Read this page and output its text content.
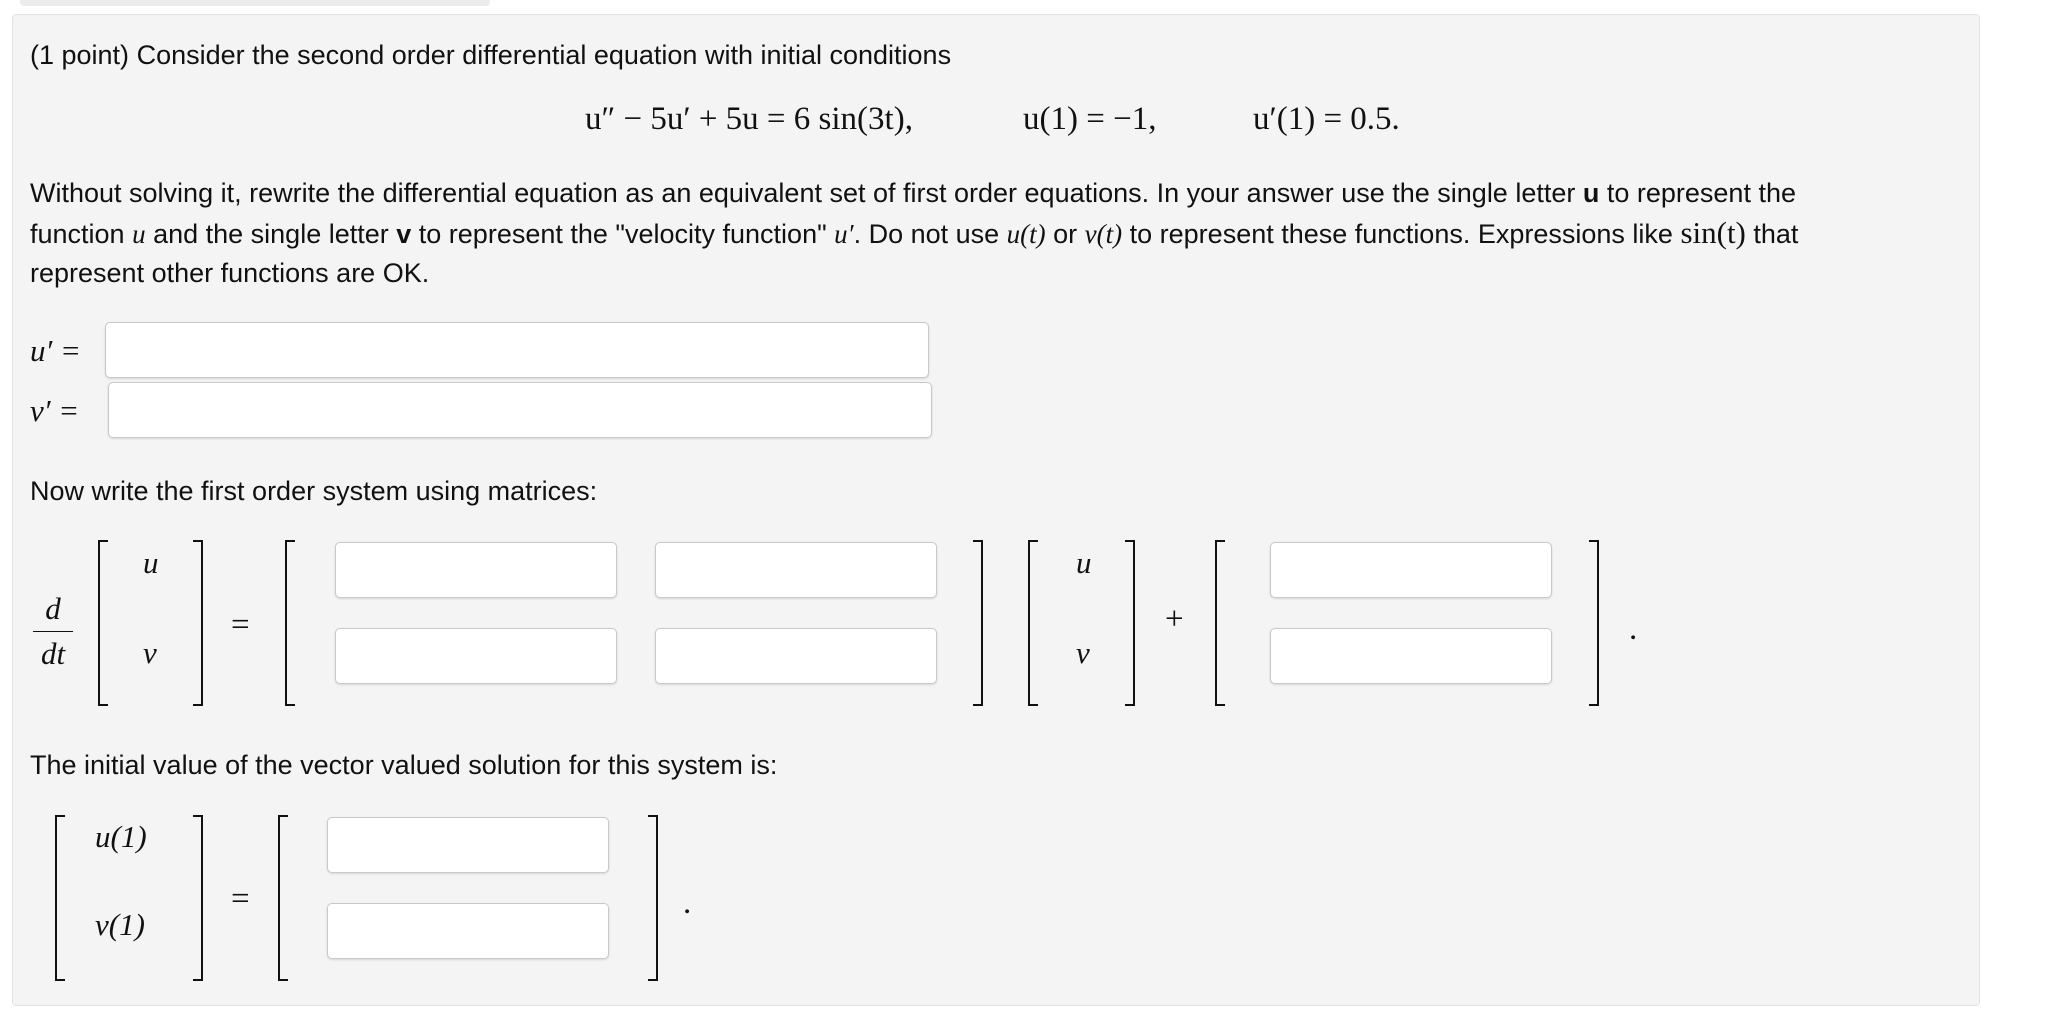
(1 point) Consider the second order differential equation with initial conditions
u″ − 5u′ + 5u = 6 sin(3t),	u(1) = −1,	u′(1) = 0.5.
Without solving it, rewrite the differential equation as an equivalent set of first order equations. In your answer use the single letter u to represent the
function u and the single letter v to represent the "velocity function" u′. Do not use u(t) or v(t) to represent these functions. Expressions like sin(t) that
represent other functions are OK.
u′ =
v′ =
Now write the first order system using matrices:
d
dt
u
v
=
u
v
+	.
The initial value of the vector valued solution for this system is:
u(1)
v(1)
=	.
